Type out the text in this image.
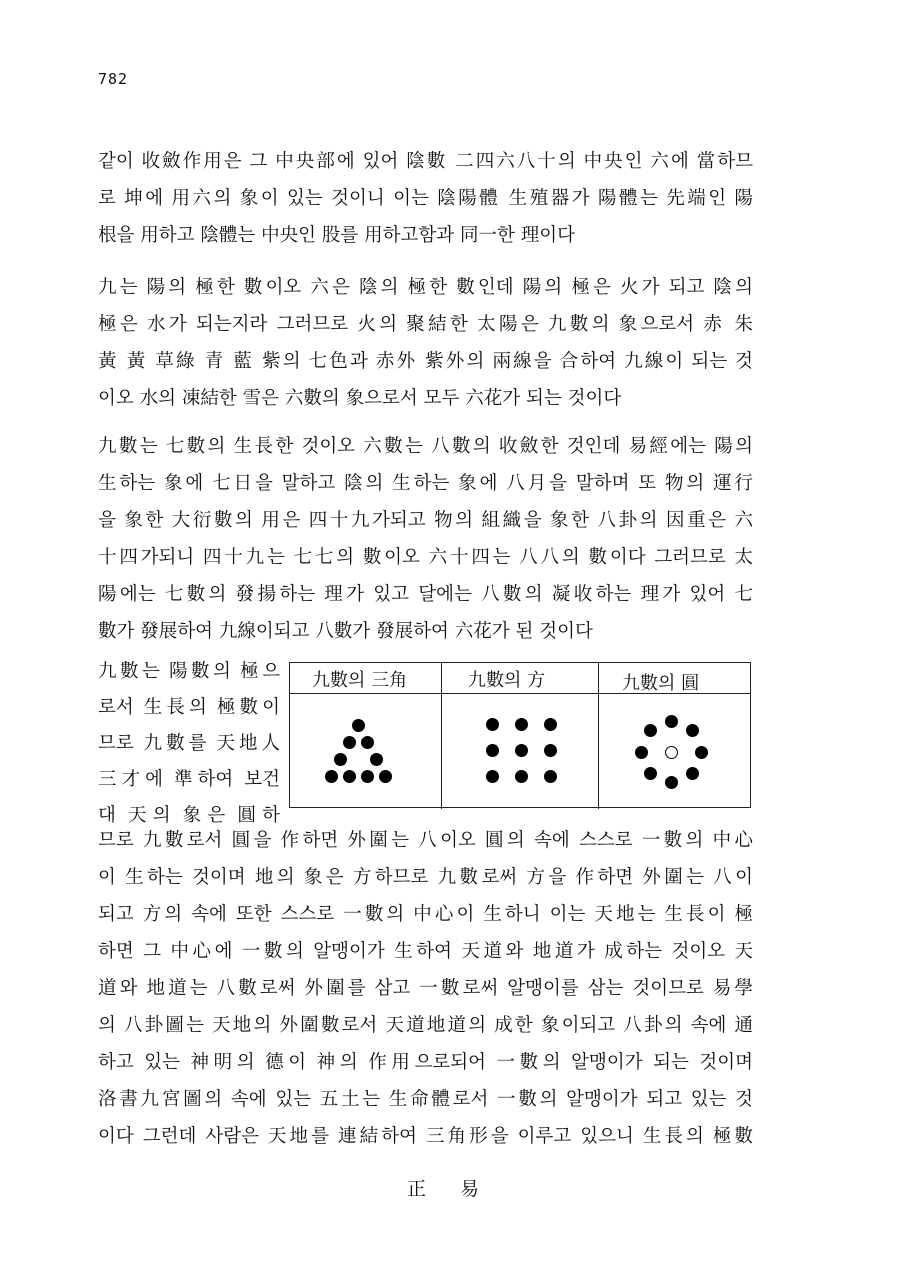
782
같이 收斂作用은 그 中央部에 있어 陰數 二四六八十의 中央인 六에 當하므
로 坤에 用六의 象이 있는 것이니 이는 陰陽體 生殖器가 陽體는 先端인 陽
根을 用하고 陰體는 中央인 股를 用하고함과 同一한 理이다
九는 陽의 極한 數이오 六은 陰의 極한 數인데 陽의 極은 火가 되고 陰의
極은 水가 되는지라 그러므로 火의 聚結한 太陽은 九數의 象으로서 赤 朱
黃 黃 草綠 青 藍 紫의 七色과 赤外 紫外의 兩線을 合하여 九線이 되는 것
이오 水의 凍結한 雪은 六數의 象으로서 모두 六花가 되는 것이다
九數는 七數의 生長한 것이오 六數는 八數의 收斂한 것인데 易經에는 陽의
生하는 象에 七日을 말하고 陰의 生하는 象에 八月을 말하며 또 物의 運行
을 象한 大衍數의 用은 四十九가되고 物의 組織을 象한 八卦의 因重은 六
十四가되니 四十九는 七七의 數이오 六十四는 八八의 數이다 그러므로 太
陽에는 七數의 發揚하는 理가 있고 달에는 八數의 凝收하는 理가 있어 七
數가 發展하여 九線이되고 八數가 發展하여 六花가 된 것이다
九數는 陽數의 極으
로서 生長의 極數이
므로 九數를 天地人
三才에 準하여 보건
대 天의 象은 圓하
九數의 三角	九數의 方	九數의 圓
므로 九數로서 圓을 作하면 外圍는 八이오 圓의 속에 스스로 一數의 中心
이 生하는 것이며 地의 象은 方하므로 九數로써 方을 作하면 外圍는 八이
되고 方의 속에 또한 스스로 一數의 中心이 生하니 이는 天地는 生長이 極
하면 그 中心에 一數의 알맹이가 生하여 天道와 地道가 成하는 것이오 天
道와 地道는 八數로써 外圍를 삼고 一數로써 알맹이를 삼는 것이므로 易學
의 八卦圖는 天地의 外圍數로서 天道地道의 成한 象이되고 八卦의 속에 通
하고 있는 神明의 德이 神의 作用으로되어 一數의 알맹이가 되는 것이며
洛書九宮圖의 속에 있는 五土는 生命體로서 一數의 알맹이가 되고 있는 것
이다 그런데 사람은 天地를 連結하여 三角形을 이루고 있으니 生長의 極數
正 易
